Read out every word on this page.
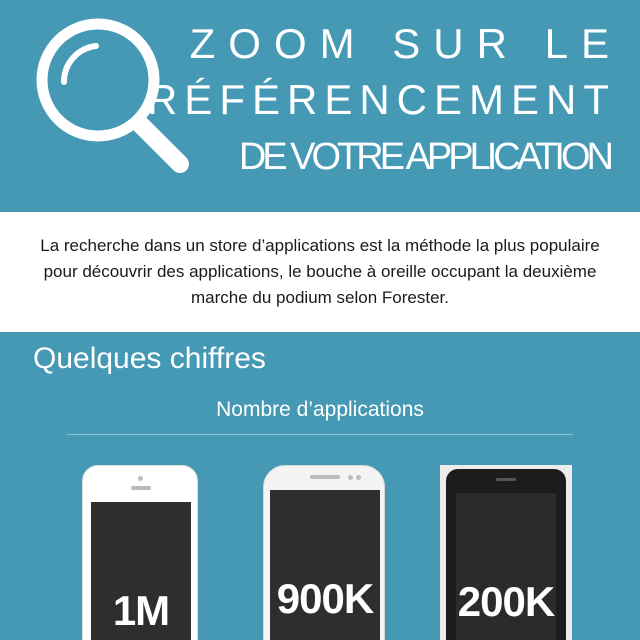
ZOOM SUR LE
RÉFÉRENCEMENT
DE VOTRE APPLICATION

La recherche dans un store d’applications est la méthode la plus populaire pour découvrir des applications, le bouche à oreille occupant la deuxième marche du podium selon Forester.

Quelques chiffres
Nombre d’applications
1M	900K 200K
